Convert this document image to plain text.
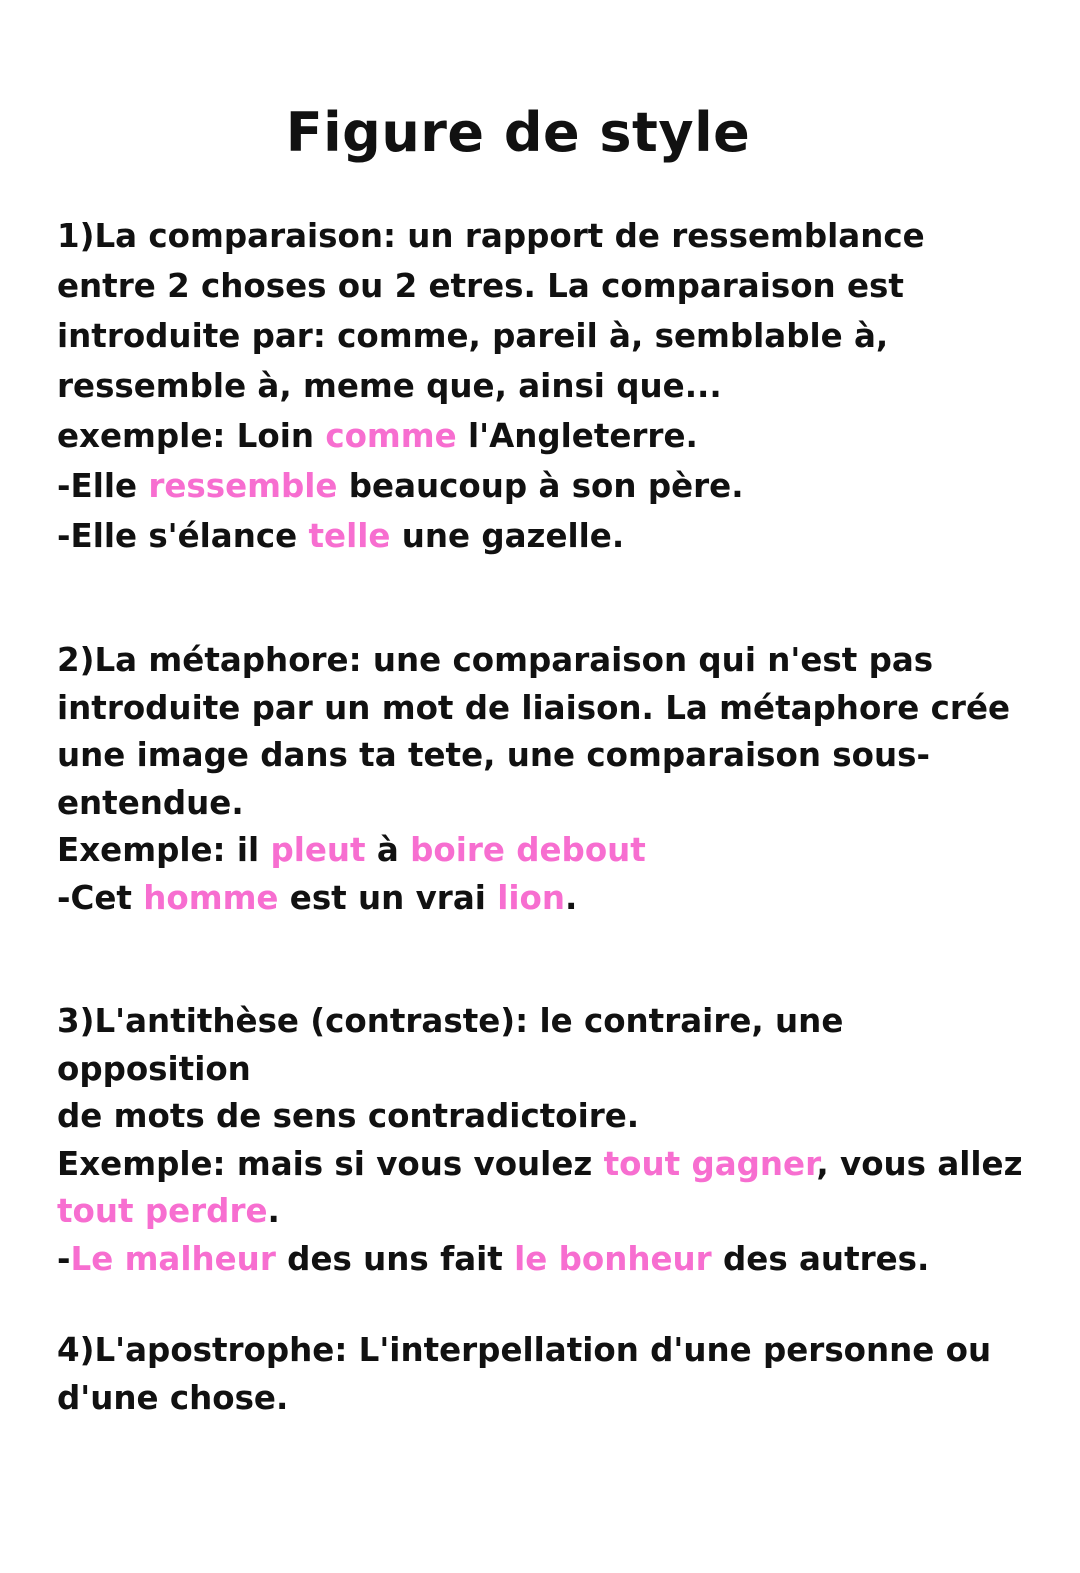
Figure de style

1)La comparaison: un rapport de ressemblance

entre 2 choses ou 2 etres. La comparaison est

introduite par: comme, pareil à, semblable à,

ressemble à, meme que, ainsi que...

exemple: Loin comme l'Angleterre.

-Elle ressemble beaucoup à son père.

-Elle s'élance telle une gazelle.

2)La métaphore: une comparaison qui n'est pas

introduite par un mot de liaison. La métaphore crée

une image dans ta tete, une comparaison sous-

entendue.

Exemple: il pleut à boire debout

-Cet homme est un vrai lion.

3)L'antithèse (contraste): le contraire, une opposition

de mots de sens contradictoire.

Exemple: mais si vous voulez tout gagner, vous allez

tout perdre.

-Le malheur des uns fait le bonheur des autres.

4)L'apostrophe: L'interpellation d'une personne ou

d'une chose.
